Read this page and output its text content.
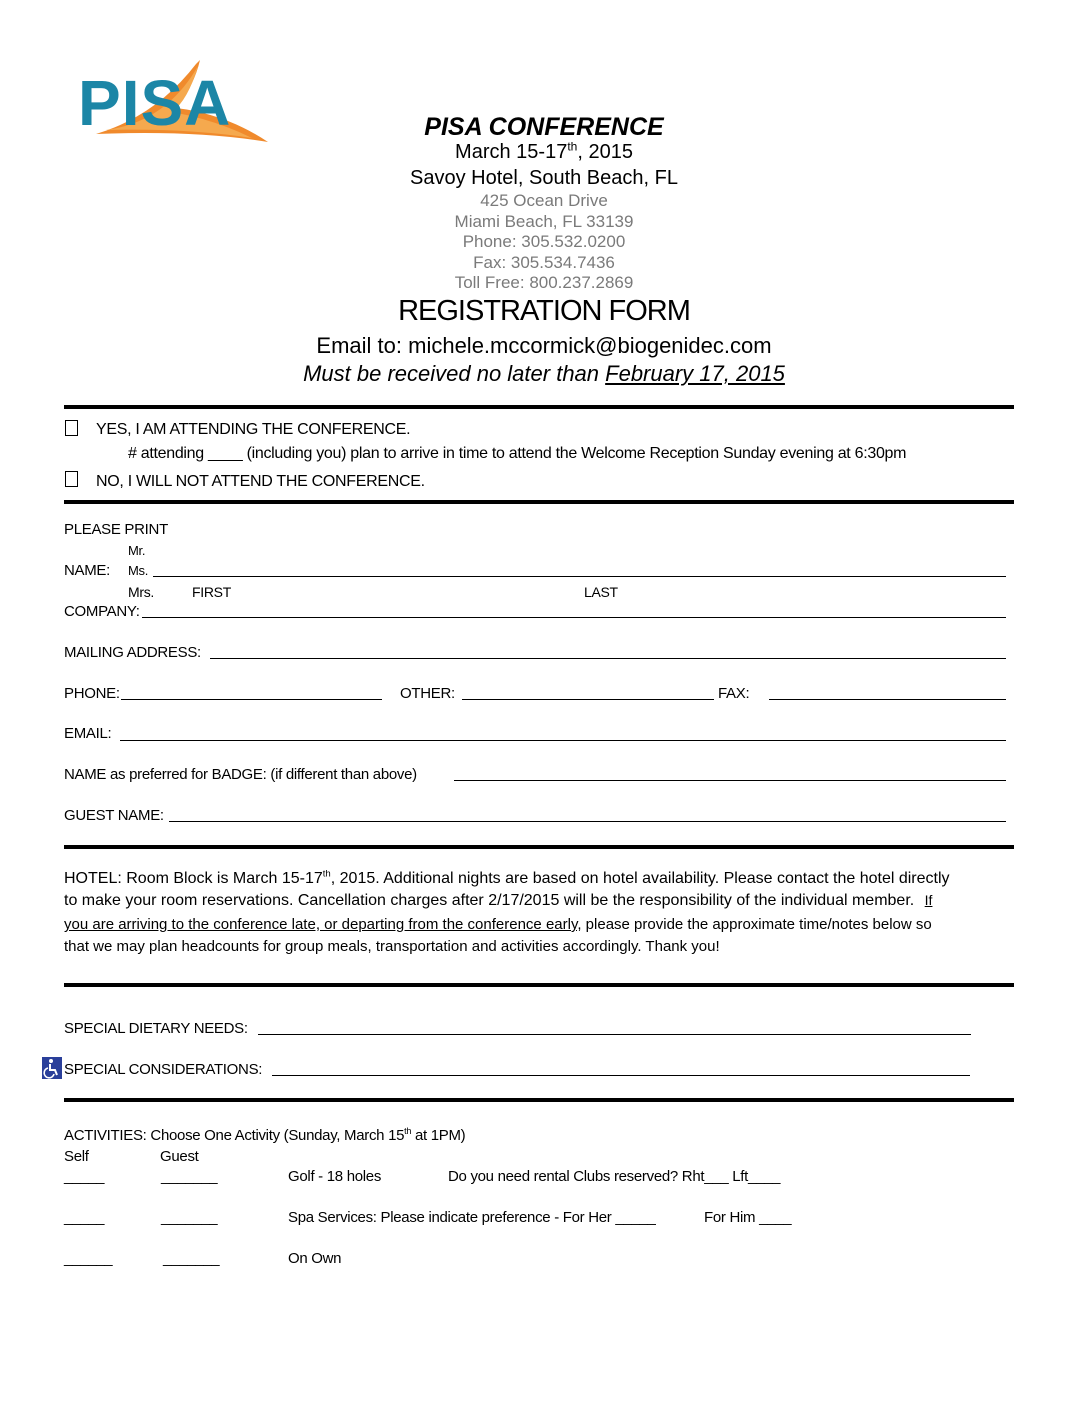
PISA	PISA CONFERENCE
March 15-17th, 2015
Savoy Hotel, South Beach, FL
425 Ocean Drive
Miami Beach, FL 33139
Phone: 305.532.0200
Fax: 305.534.7436
Toll Free: 800.237.2869
REGISTRATION FORM
Email to: michele.mccormick@biogenidec.com
Must be received no later than February 17, 2015
YES, I AM ATTENDING THE CONFERENCE.
# attending ____ (including you) plan to arrive in time to attend the Welcome Reception Sunday evening at 6:30pm
NO, I WILL NOT ATTEND THE CONFERENCE.
PLEASE PRINT
Mr.
NAME: Ms.
Mrs.	FIRST	LAST
COMPANY:
MAILING ADDRESS:
PHONE:	OTHER:	FAX:
EMAIL:
NAME as preferred for BADGE: (if different than above)
GUEST NAME:
HOTEL: Room Block is March 15-17th, 2015. Additional nights are based on hotel availability. Please contact the hotel directly
to make your room reservations. Cancellation charges after 2/17/2015 will be the responsibility of the individual member. If
you are arriving to the conference late, or departing from the conference early, please provide the approximate time/notes below so
that we may plan headcounts for group meals, transportation and activities accordingly. Thank you!
SPECIAL DIETARY NEEDS:
SPECIAL CONSIDERATIONS:
ACTIVITIES: Choose One Activity (Sunday, March 15th at 1PM)
Self	Guest
_____	_______	Golf - 18 holes	Do you need rental Clubs reserved? Rht___ Lft____
_____	_______	Spa Services: Please indicate preference - For Her _____	For Him ____
______	_______	On Own
